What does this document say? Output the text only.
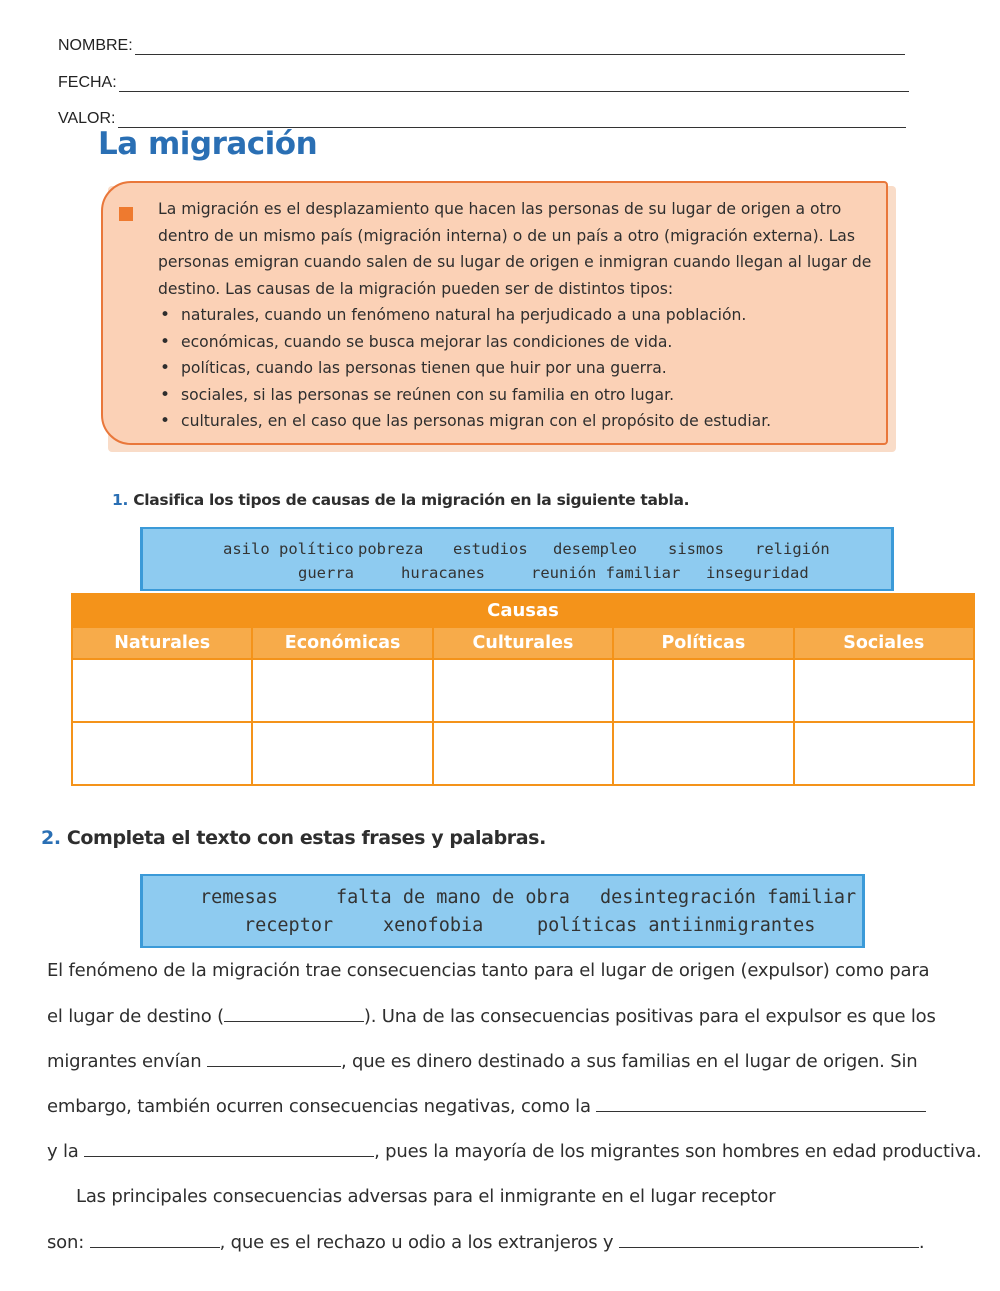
NOMBRE:
FECHA:
VALOR:
La migración

La migración es el desplazamiento que hacen las personas de su lugar de origen a otro dentro de un mismo país (migración interna) o de un país a otro (migración externa). Las personas emigran cuando salen de su lugar de origen e inmigran cuando llegan al lugar de destino. Las causas de la migración pueden ser de distintos tipos:

• naturales, cuando un fenómeno natural ha perjudicado a una población.
• económicas, cuando se busca mejorar las condiciones de vida.
• políticas, cuando las personas tienen que huir por una guerra.
• sociales, si las personas se reúnen con su familia en otro lugar.
• culturales, en el caso que las personas migran con el propósito de estudiar.
1. Clasifica los tipos de causas de la migración en la siguiente tabla.
asilo político pobreza estudios desempleo sismos religión
guerra	huracanes	reunión familiar inseguridad
Causas				
Naturales	Económicas	Culturales	Políticas	Sociales

2. Completa el texto con estas frases y palabras.
remesas	falta de mano de obra desintegración familiar
receptor	xenofobia	políticas antiinmigrantes
El fenómeno de la migración trae consecuencias tanto para el lugar de origen (expulsor) como para
el lugar de destino (	). Una de las consecuencias positivas para el expulsor es que los
migrantes envían	, que es dinero destinado a sus familias en el lugar de origen. Sin
embargo, también ocurren consecuencias negativas, como la
y la	, pues la mayoría de los migrantes son hombres en edad productiva.
Las principales consecuencias adversas para el inmigrante en el lugar receptor
son:	, que es el rechazo u odio a los extranjeros y	.
